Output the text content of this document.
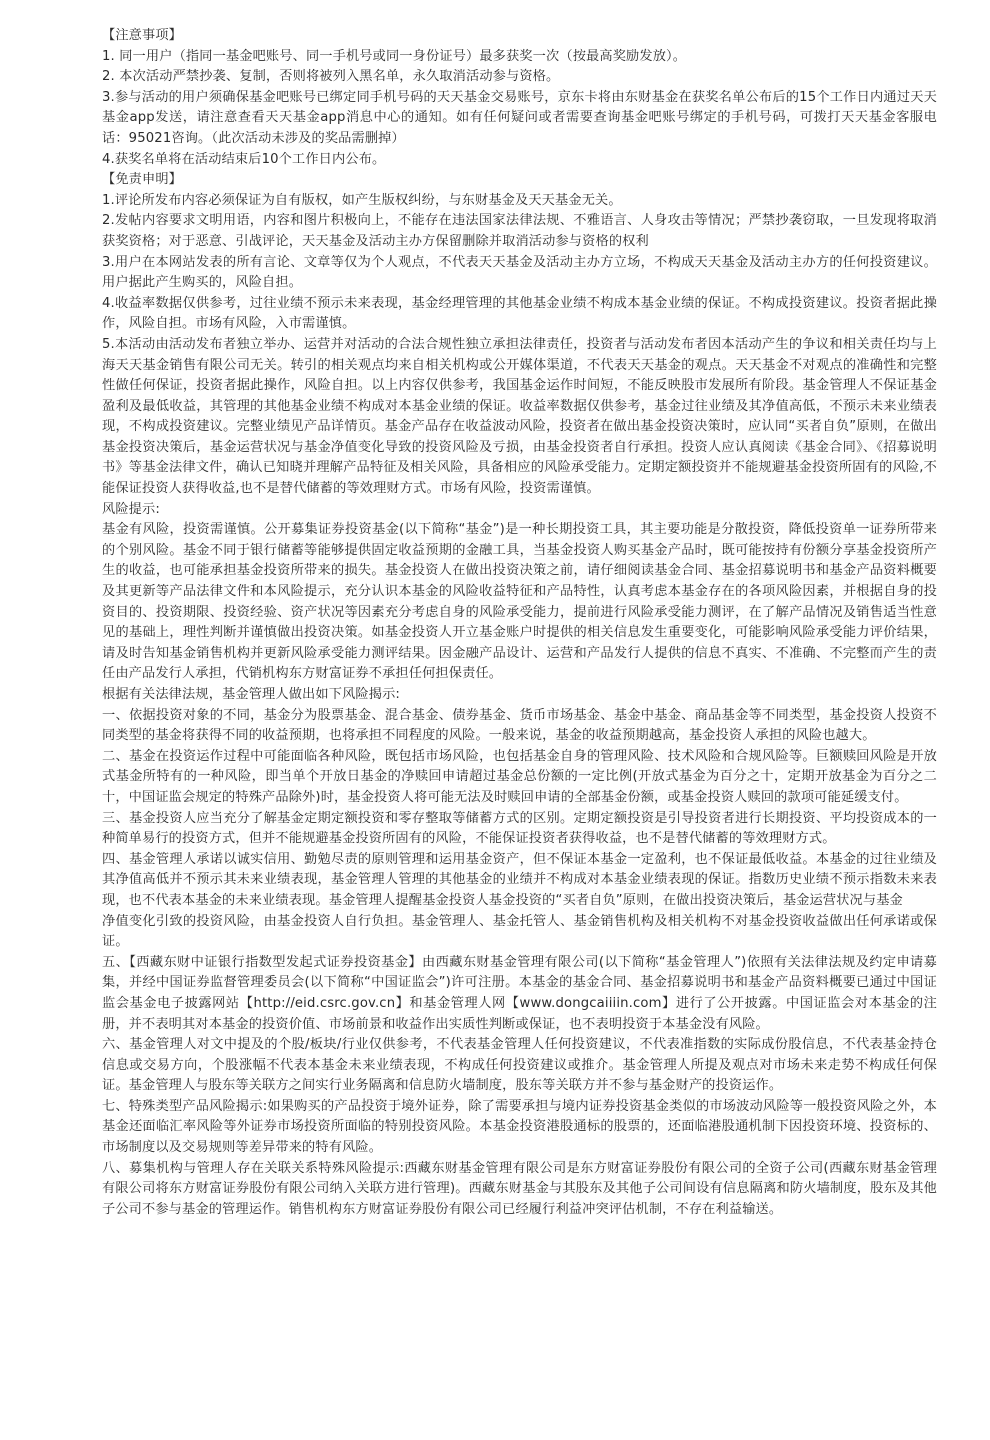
【注意事项】

1. 同一用户（指同一基金吧账号、同一手机号或同一身份证号）最多获奖一次（按最高奖励发放）。

2. 本次活动严禁抄袭、复制，否则将被列入黑名单，永久取消活动参与资格。

3.参与活动的用户须确保基金吧账号已绑定同手机号码的天天基金交易账号，京东卡将由东财基金在获奖名单公布后的15个工作日内通过天天基金app发送，请注意查看天天基金app消息中心的通知。如有任何疑问或者需要查询基金吧账号绑定的手机号码，可拨打天天基金客服电话：95021咨询。（此次活动未涉及的奖品需删掉）

4.获奖名单将在活动结束后10个工作日内公布。

【免责申明】

1.评论所发布内容必须保证为自有版权，如产生版权纠纷，与东财基金及天天基金无关。

2.发帖内容要求文明用语，内容和图片积极向上，不能存在违法国家法律法规、不雅语言、人身攻击等情况；严禁抄袭窃取，一旦发现将取消获奖资格；对于恶意、引战评论，天天基金及活动主办方保留删除并取消活动参与资格的权利

3.用户在本网站发表的所有言论、文章等仅为个人观点，不代表天天基金及活动主办方立场，不构成天天基金及活动主办方的任何投资建议。用户据此产生购买的，风险自担。

4.收益率数据仅供参考，过往业绩不预示未来表现，基金经理管理的其他基金业绩不构成本基金业绩的保证。不构成投资建议。投资者据此操作，风险自担。市场有风险，入市需谨慎。

5.本活动由活动发布者独立举办、运营并对活动的合法合规性独立承担法律责任，投资者与活动发布者因本活动产生的争议和相关责任均与上海天天基金销售有限公司无关。转引的相关观点均来自相关机构或公开媒体渠道，不代表天天基金的观点。天天基金不对观点的准确性和完整性做任何保证，投资者据此操作，风险自担。以上内容仅供参考，我国基金运作时间短，不能反映股市发展所有阶段。基金管理人不保证基金盈利及最低收益，其管理的其他基金业绩不构成对本基金业绩的保证。收益率数据仅供参考，基金过往业绩及其净值高低，不预示未来业绩表现，不构成投资建议。完整业绩见产品详情页。基金产品存在收益波动风险，投资者在做出基金投资决策时，应认同“买者自负”原则，在做出基金投资决策后，基金运营状况与基金净值变化导致的投资风险及亏损，由基金投资者自行承担。投资人应认真阅读《基金合同》、《招募说明书》等基金法律文件，确认已知晓并理解产品特征及相关风险，具备相应的风险承受能力。定期定额投资并不能规避基金投资所固有的风险,不能保证投资人获得收益,也不是替代储蓄的等效理财方式。市场有风险，投资需谨慎。

风险提示:

基金有风险，投资需谨慎。公开募集证券投资基金(以下简称“基金”)是一种长期投资工具，其主要功能是分散投资，降低投资单一证券所带来的个别风险。基金不同于银行储蓄等能够提供固定收益预期的金融工具，当基金投资人购买基金产品时，既可能按持有份额分享基金投资所产生的收益，也可能承担基金投资所带来的损失。基金投资人在做出投资决策之前，请仔细阅读基金合同、基金招募说明书和基金产品资料概要及其更新等产品法律文件和本风险提示，充分认识本基金的风险收益特征和产品特性，认真考虑本基金存在的各项风险因素，并根据自身的投资目的、投资期限、投资经验、资产状况等因素充分考虑自身的风险承受能力，提前进行风险承受能力测评，在了解产品情况及销售适当性意见的基础上，理性判断并谨慎做出投资决策。如基金投资人开立基金账户时提供的相关信息发生重要变化，可能影响风险承受能力评价结果，请及时告知基金销售机构并更新风险承受能力测评结果。因金融产品设计、运营和产品发行人提供的信息不真实、不准确、不完整而产生的责任由产品发行人承担，代销机构东方财富证券不承担任何担保责任。

根据有关法律法规，基金管理人做出如下风险揭示:

一、依据投资对象的不同，基金分为股票基金、混合基金、债券基金、货币市场基金、基金中基金、商品基金等不同类型，基金投资人投资不同类型的基金将获得不同的收益预期，也将承担不同程度的风险。一般来说，基金的收益预期越高，基金投资人承担的风险也越大。

二、基金在投资运作过程中可能面临各种风险，既包括市场风险，也包括基金自身的管理风险、技术风险和合规风险等。巨额赎回风险是开放式基金所特有的一种风险，即当单个开放日基金的净赎回申请超过基金总份额的一定比例(开放式基金为百分之十，定期开放基金为百分之二十，中国证监会规定的特殊产品除外)时，基金投资人将可能无法及时赎回申请的全部基金份额，或基金投资人赎回的款项可能延缓支付。

三、基金投资人应当充分了解基金定期定额投资和零存整取等储蓄方式的区别。定期定额投资是引导投资者进行长期投资、平均投资成本的一种简单易行的投资方式，但并不能规避基金投资所固有的风险，不能保证投资者获得收益，也不是替代储蓄的等效理财方式。

四、基金管理人承诺以诚实信用、勤勉尽责的原则管理和运用基金资产，但不保证本基金一定盈利，也不保证最低收益。本基金的过往业绩及其净值高低并不预示其未来业绩表现，基金管理人管理的其他基金的业绩并不构成对本基金业绩表现的保证。指数历史业绩不预示指数未来表现，也不代表本基金的未来业绩表现。基金管理人提醒基金投资人基金投资的“买者自负”原则，在做出投资决策后，基金运营状况与基金

净值变化引致的投资风险，由基金投资人自行负担。基金管理人、基金托管人、基金销售机构及相关机构不对基金投资收益做出任何承诺或保证。

五、【西藏东财中证银行指数型发起式证券投资基金】由西藏东财基金管理有限公司(以下简称“基金管理人”)依照有关法律法规及约定申请募集，并经中国证券监督管理委员会(以下简称“中国证监会”)许可注册。本基金的基金合同、基金招募说明书和基金产品资料概要已通过中国证监会基金电子披露网站【http://eid.csrc.gov.cn】和基金管理人网【www.dongcaiiiin.com】进行了公开披露。中国证监会对本基金的注册，并不表明其对本基金的投资价值、市场前景和收益作出实质性判断或保证，也不表明投资于本基金没有风险。

六、基金管理人对文中提及的个股/板块/行业仅供参考，不代表基金管理人任何投资建议，不代表准指数的实际成份股信息，不代表基金持仓信息或交易方向，个股涨幅不代表本基金未来业绩表现，不构成任何投资建议或推介。基金管理人所提及观点对市场未来走势不构成任何保证。基金管理人与股东等关联方之间实行业务隔离和信息防火墙制度，股东等关联方并不参与基金财产的投资运作。

七、特殊类型产品风险揭示:如果购买的产品投资于境外证券，除了需要承担与境内证券投资基金类似的市场波动风险等一般投资风险之外，本基金还面临汇率风险等外证券市场投资所面临的特别投资风险。本基金投资港股通标的股票的，还面临港股通机制下因投资环境、投资标的、市场制度以及交易规则等差异带来的特有风险。

八、募集机构与管理人存在关联关系特殊风险提示:西藏东财基金管理有限公司是东方财富证券股份有限公司的全资子公司(西藏东财基金管理有限公司将东方财富证券股份有限公司纳入关联方进行管理)。西藏东财基金与其股东及其他子公司间设有信息隔离和防火墙制度，股东及其他子公司不参与基金的管理运作。销售机构东方财富证券股份有限公司已经履行利益冲突评估机制，不存在利益输送。
